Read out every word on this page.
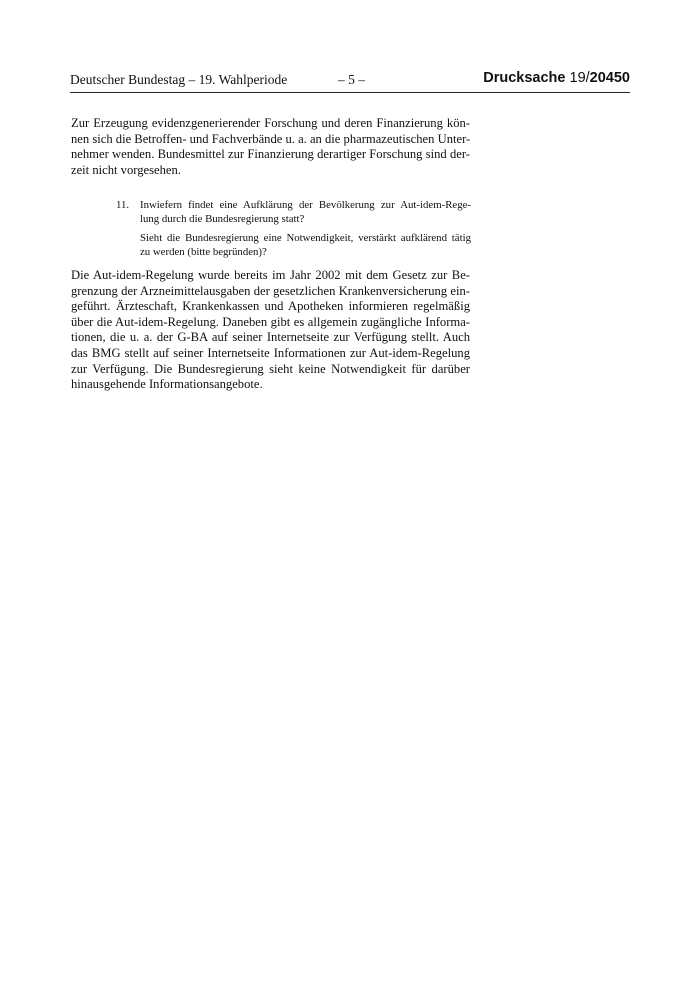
Deutscher Bundestag – 19. Wahlperiode	– 5 –	Drucksache 19/20450
Zur Erzeugung evidenzgenerierender Forschung und deren Finanzierung kön-
nen sich die Betroffen- und Fachverbände u. a. an die pharmazeutischen Unter-
nehmer wenden. Bundesmittel zur Finanzierung derartiger Forschung sind der-
zeit nicht vorgesehen.
11. Inwiefern findet eine Aufklärung der Bevölkerung zur Aut-idem-Rege-
lung durch die Bundesregierung statt?
Sieht die Bundesregierung eine Notwendigkeit, verstärkt aufklärend tätig
zu werden (bitte begründen)?
Die Aut-idem-Regelung wurde bereits im Jahr 2002 mit dem Gesetz zur Be-
grenzung der Arzneimittelausgaben der gesetzlichen Krankenversicherung ein-
geführt. Ärzteschaft, Krankenkassen und Apotheken informieren regelmäßig
über die Aut-idem-Regelung. Daneben gibt es allgemein zugängliche Informa-
tionen, die u. a. der G-BA auf seiner Internetseite zur Verfügung stellt. Auch
das BMG stellt auf seiner Internetseite Informationen zur Aut-idem-Regelung
zur Verfügung. Die Bundesregierung sieht keine Notwendigkeit für darüber
hinausgehende Informationsangebote.
